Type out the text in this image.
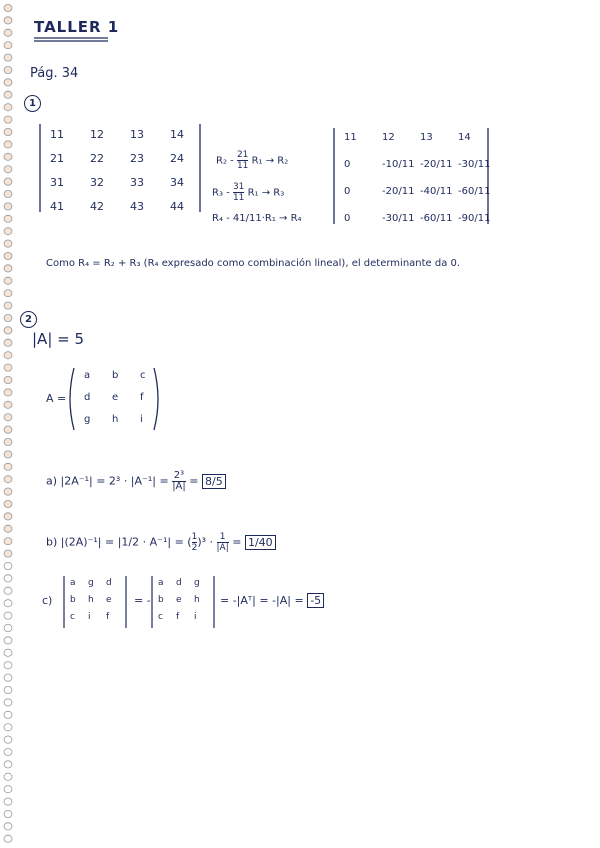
TALLER 1
Pág. 34
1
11 12 13 14
21 22 23 24
31 32 33 34
41 42 43 44
$R_2 - \frac{21}{11} R_1 \to R_2$
$R_3 - \frac{31}{11} R_1 \to R_3$
R₄ - 41/11·R₁ → R₄
11	12	13	14
0	-10/11 -20/11 -30/11
0	-20/11 -40/11 -60/11
0	-30/11 -60/11 -90/11
Como R₄ = R₂ + R₃ (R₄ expresado como combinación lineal), el determinante da 0.
2
|A| = 5
A =
a b c
d e f
g h i
a) $|2A^{-1}| = 2^3 \cdot |A^{-1}| = \frac{\text{2³}}{|A|} = 8/5$
b) |(2A)⁻¹| = |1/2 · A⁻¹| = ( $\frac{1}{2} )^3 \cdot \frac{1}{|A|} = 1/40$
c)
a g d
b h e
c i f
= -
a d g
b e h
c f i
= -|Aᵀ| = -|A| = -5
